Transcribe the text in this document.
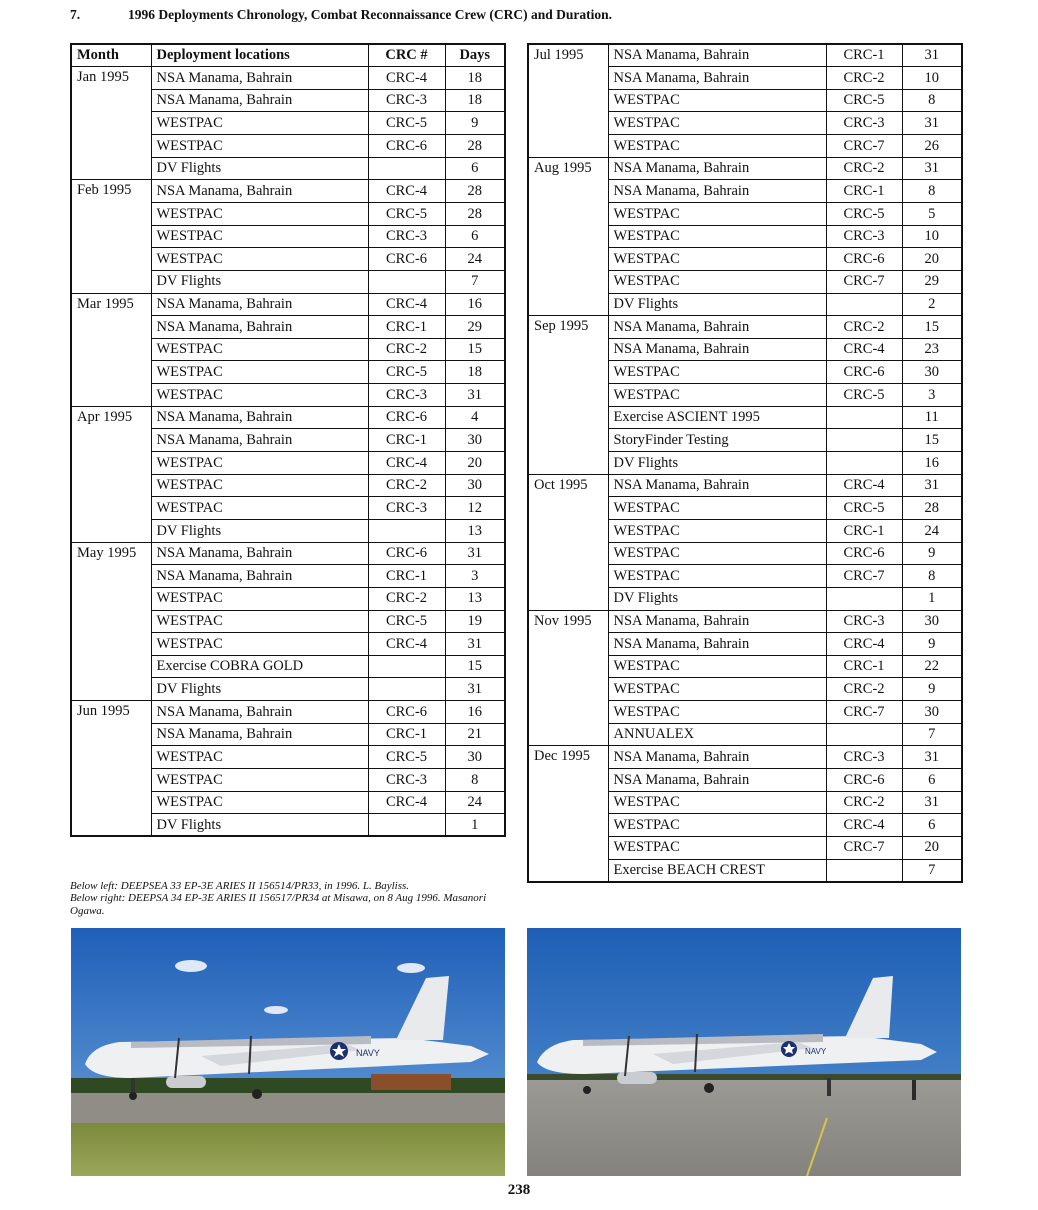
7.	1996 Deployments Chronology, Combat Reconnaissance Crew (CRC) and Duration.
Month	Deployment locations	CRC #	Days
Jan 1995	NSA Manama, Bahrain	CRC-4	18
	NSA Manama, Bahrain	CRC-3	18
	WESTPAC	CRC-5	9
	WESTPAC	CRC-6	28
	DV Flights		6
Feb 1995	NSA Manama, Bahrain	CRC-4	28
	WESTPAC	CRC-5	28
	WESTPAC	CRC-3	6
	WESTPAC	CRC-6	24
	DV Flights		7
Mar 1995	NSA Manama, Bahrain	CRC-4	16
	NSA Manama, Bahrain	CRC-1	29
	WESTPAC	CRC-2	15
	WESTPAC	CRC-5	18
	WESTPAC	CRC-3	31
Apr 1995	NSA Manama, Bahrain	CRC-6	4
	NSA Manama, Bahrain	CRC-1	30
	WESTPAC	CRC-4	20
	WESTPAC	CRC-2	30
	WESTPAC	CRC-3	12
	DV Flights		13
May 1995	NSA Manama, Bahrain	CRC-6	31
	NSA Manama, Bahrain	CRC-1	3
	WESTPAC	CRC-2	13
	WESTPAC	CRC-5	19
	WESTPAC	CRC-4	31
	Exercise COBRA GOLD		15
	DV Flights		31
Jun 1995	NSA Manama, Bahrain	CRC-6	16
	NSA Manama, Bahrain	CRC-1	21
	WESTPAC	CRC-5	30
	WESTPAC	CRC-3	8
	WESTPAC	CRC-4	24
	DV Flights		1
Jul 1995	NSA Manama, Bahrain	CRC-1	31
	NSA Manama, Bahrain	CRC-2	10
	WESTPAC	CRC-5	8
	WESTPAC	CRC-3	31
	WESTPAC	CRC-7	26
Aug 1995	NSA Manama, Bahrain	CRC-2	31
	NSA Manama, Bahrain	CRC-1	8
	WESTPAC	CRC-5	5
	WESTPAC	CRC-3	10
	WESTPAC	CRC-6	20
	WESTPAC	CRC-7	29
	DV Flights		2
Sep 1995	NSA Manama, Bahrain	CRC-2	15
	NSA Manama, Bahrain	CRC-4	23
	WESTPAC	CRC-6	30
	WESTPAC	CRC-5	3
	Exercise ASCIENT 1995		11
	StoryFinder Testing		15
	DV Flights		16
Oct 1995	NSA Manama, Bahrain	CRC-4	31
	WESTPAC	CRC-5	28
	WESTPAC	CRC-1	24
	WESTPAC	CRC-6	9
	WESTPAC	CRC-7	8
	DV Flights		1
Nov 1995	NSA Manama, Bahrain	CRC-3	30
	NSA Manama, Bahrain	CRC-4	9
	WESTPAC	CRC-1	22
	WESTPAC	CRC-2	9
	WESTPAC	CRC-7	30
	ANNUALEX		7
Dec 1995	NSA Manama, Bahrain	CRC-3	31
	NSA Manama, Bahrain	CRC-6	6
	WESTPAC	CRC-2	31
	WESTPAC	CRC-4	6
	WESTPAC	CRC-7	20
	Exercise BEACH CREST		7
Below left: DEEPSEA 33 EP-3E ARIES II 156514/PR33, in 1996. L. Bayliss.
Below right: DEEPSA 34 EP-3E ARIES II 156517/PR34 at Misawa, on 8 Aug 1996. Masanori Ogawa.
NAVY	NAVY
238
